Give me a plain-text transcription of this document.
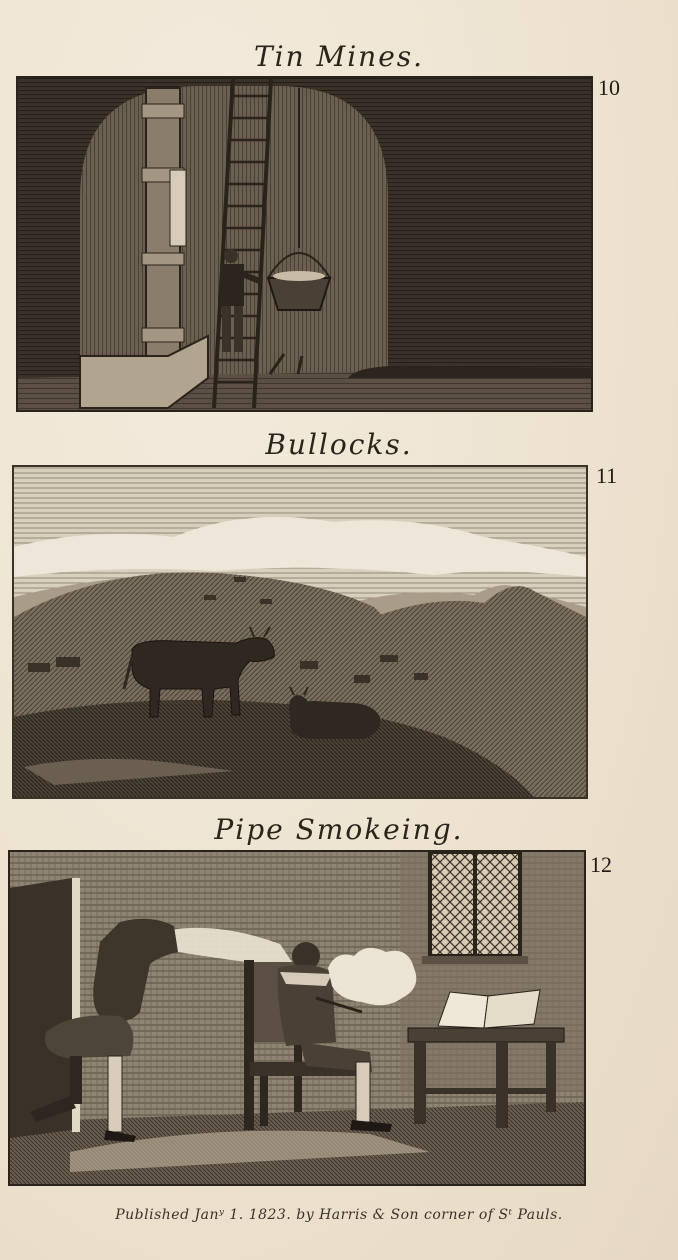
Tin Mines.
10
Bullocks.
11
Pipe Smokeing.
12
Published Janʸ 1. 1823. by Harris & Son corner of Sᵗ Pauls.
